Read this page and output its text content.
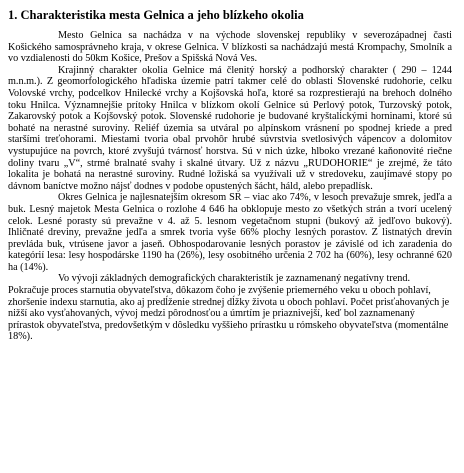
1. Charakteristika mesta Gelnica a jeho blízkeho okolia

Mesto Gelnica sa nachádza v na východe slovenskej republiky v severozápadnej časti Košického samosprávneho kraja, v okrese Gelnica. V blízkosti sa nachádzajú mestá Krompachy, Smolník a vo vzdialenosti do 50km Košice, Prešov a Spišská Nová Ves.

Krajinný charakter okolia Gelnice má členitý horský a podhorský charakter ( 290 – 1244 m.n.m.). Z geomorfologického hľadiska územie patrí takmer celé do oblasti Slovenské rudohorie, celku Volovské vrchy, podcelkov Hnilecké vrchy a Kojšovská hoľa, ktoré sa rozprestierajú na brehoch dolného toku Hnilca. Významnejšie prítoky Hnilca v blízkom okolí Gelnice sú Perlový potok, Turzovský potok, Zakarovský potok a Kojšovský potok. Slovenské rudohorie je budované kryštalickými horninami, ktoré sú bohaté na nerastné suroviny. Reliéf územia sa utváral po alpínskom vrásnení po spodnej kriede a pred staršími treťohorami. Miestami tvoria obal prvohôr hrubé súvrstvia svetlosivých vápencov a dolomitov vystupujúce na povrch, ktoré zvyšujú tvárnosť horstva. Sú v nich úzke, hlboko vrezané kaňonovité riečne doliny tvaru „V“, strmé bralnaté svahy i skalné útvary. Už z názvu „RUDOHORIE“ je zrejmé, že táto lokalita je bohatá na nerastné suroviny. Rudné ložiská sa využívali už v stredoveku, zaujímavé stopy po dávnom baníctve možno nájsť dodnes v podobe opustených šácht, háld, alebo prepadlísk.

Okres Gelnica je najlesnatejším okresom SR – viac ako 74%, v lesoch prevažuje smrek, jedľa a buk. Lesný majetok Mesta Gelnica o rozlohe 4 646 ha obklopuje mesto zo všetkých strán a tvorí ucelený celok. Lesné porasty sú prevažne v 4. až 5. lesnom vegetačnom stupni (bukový až jedľovo bukový). Ihličnaté dreviny, prevažne jedľa a smrek tvoria vyše 66% plochy lesných porastov. Z listnatých drevín prevláda buk, vtrúsene javor a jaseň. Obhospodarovanie lesných porastov je závislé od ich zaradenia do kategórií lesa: lesy hospodárske 1190 ha (26%), lesy osobitného určenia 2 702 ha (60%), lesy ochranné 620 ha (14%).

Vo vývoji základných demografických charakteristík je zaznamenaný negatívny trend. Pokračuje proces starnutia obyvateľstva, dôkazom čoho je zvýšenie priemerného veku u oboch pohlaví, zhoršenie indexu starnutia, ako aj predĺženie strednej dĺžky života u oboch pohlaví. Počet prisťahovaných je nižší ako vysťahovaných, vývoj medzi pôrodnosťou a úmrtím je priaznivejší, keď bol zaznamenaný prírastok obyvateľstva, predovšetkým v dôsledku vyššieho prírastku u rómskeho obyvateľstva (momentálne 18%).
